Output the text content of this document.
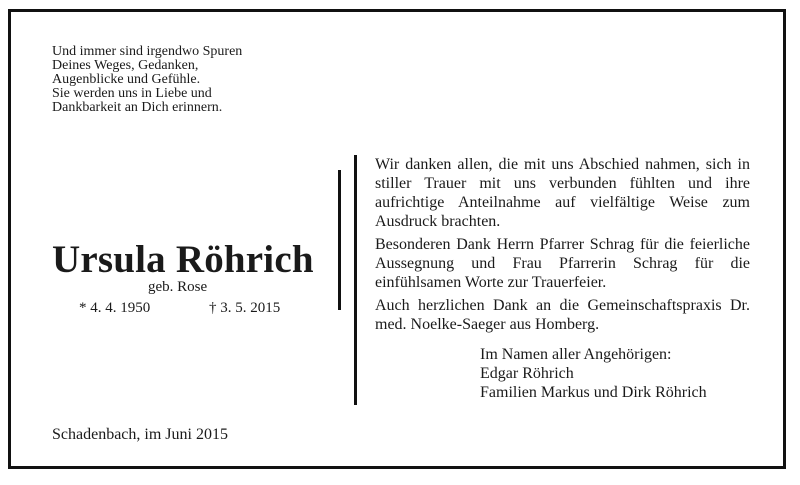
Und immer sind irgendwo Spuren
Deines Weges, Gedanken,
Augenblicke und Gefühle.
Sie werden uns in Liebe und
Dankbarkeit an Dich erinnern.
Ursula Röhrich
geb. Rose
* 4. 4. 1950	† 3. 5. 2015
Schadenbach, im Juni 2015

Wir danken allen, die mit uns Abschied nahmen, sich in stiller Trauer mit uns verbunden fühlten und ihre aufrichtige Anteilnahme auf vielfältige Weise zum Ausdruck brachten.

Besonderen Dank Herrn Pfarrer Schrag für die feierliche Aussegnung und Frau Pfarrerin Schrag für die einfühlsamen Worte zur Trauerfeier.

Auch herzlichen Dank an die Gemeinschaftspraxis Dr. med. Noelke-Saeger aus Homberg.

Im Namen aller Angehörigen:
Edgar Röhrich
Familien Markus und Dirk Röhrich
